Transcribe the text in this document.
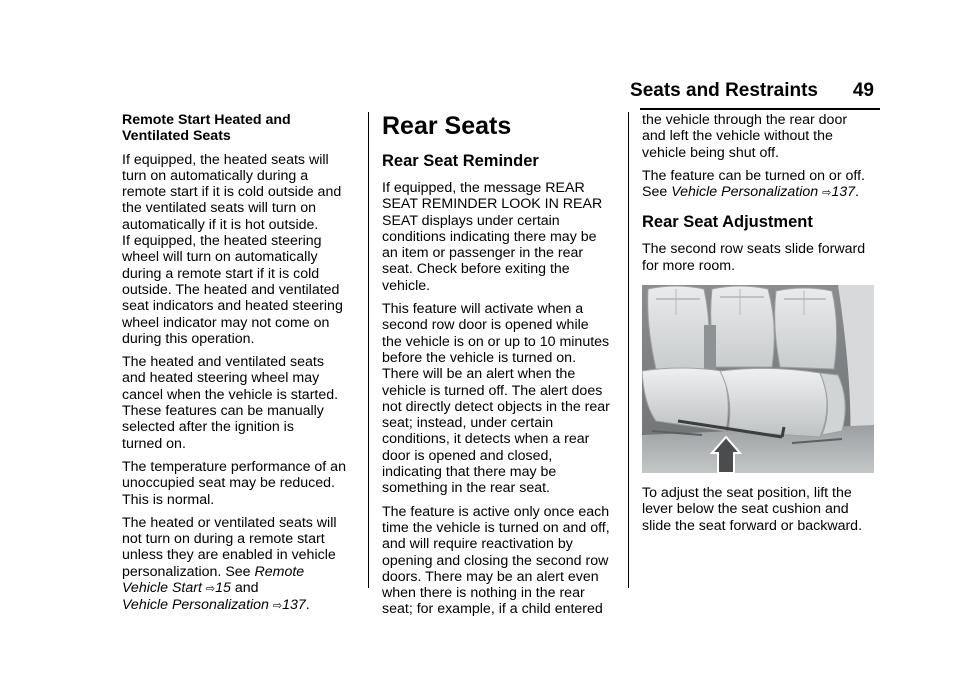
Seats and Restraints 49
Remote Start Heated and
Ventilated Seats
If equipped, the heated seats will
turn on automatically during a
remote start if it is cold outside and
the ventilated seats will turn on
automatically if it is hot outside.
If equipped, the heated steering
wheel will turn on automatically
during a remote start if it is cold
outside. The heated and ventilated
seat indicators and heated steering
wheel indicator may not come on
during this operation.
The heated and ventilated seats
and heated steering wheel may
cancel when the vehicle is started.
These features can be manually
selected after the ignition is
turned on.
The temperature performance of an
unoccupied seat may be reduced.
This is normal.
The heated or ventilated seats will
not turn on during a remote start
unless they are enabled in vehicle
personalization. See Remote
Vehicle Start ⇨15 and
Vehicle Personalization ⇨137.
Rear Seats
Rear Seat Reminder
If equipped, the message REAR
SEAT REMINDER LOOK IN REAR
SEAT displays under certain
conditions indicating there may be
an item or passenger in the rear
seat. Check before exiting the
vehicle.
This feature will activate when a
second row door is opened while
the vehicle is on or up to 10 minutes
before the vehicle is turned on.
There will be an alert when the
vehicle is turned off. The alert does
not directly detect objects in the rear
seat; instead, under certain
conditions, it detects when a rear
door is opened and closed,
indicating that there may be
something in the rear seat.
The feature is active only once each
time the vehicle is turned on and off,
and will require reactivation by
opening and closing the second row
doors. There may be an alert even
when there is nothing in the rear
seat; for example, if a child entered
the vehicle through the rear door
and left the vehicle without the
vehicle being shut off.
The feature can be turned on or off.
See Vehicle Personalization ⇨137.
Rear Seat Adjustment
The second row seats slide forward
for more room.
To adjust the seat position, lift the
lever below the seat cushion and
slide the seat forward or backward.
